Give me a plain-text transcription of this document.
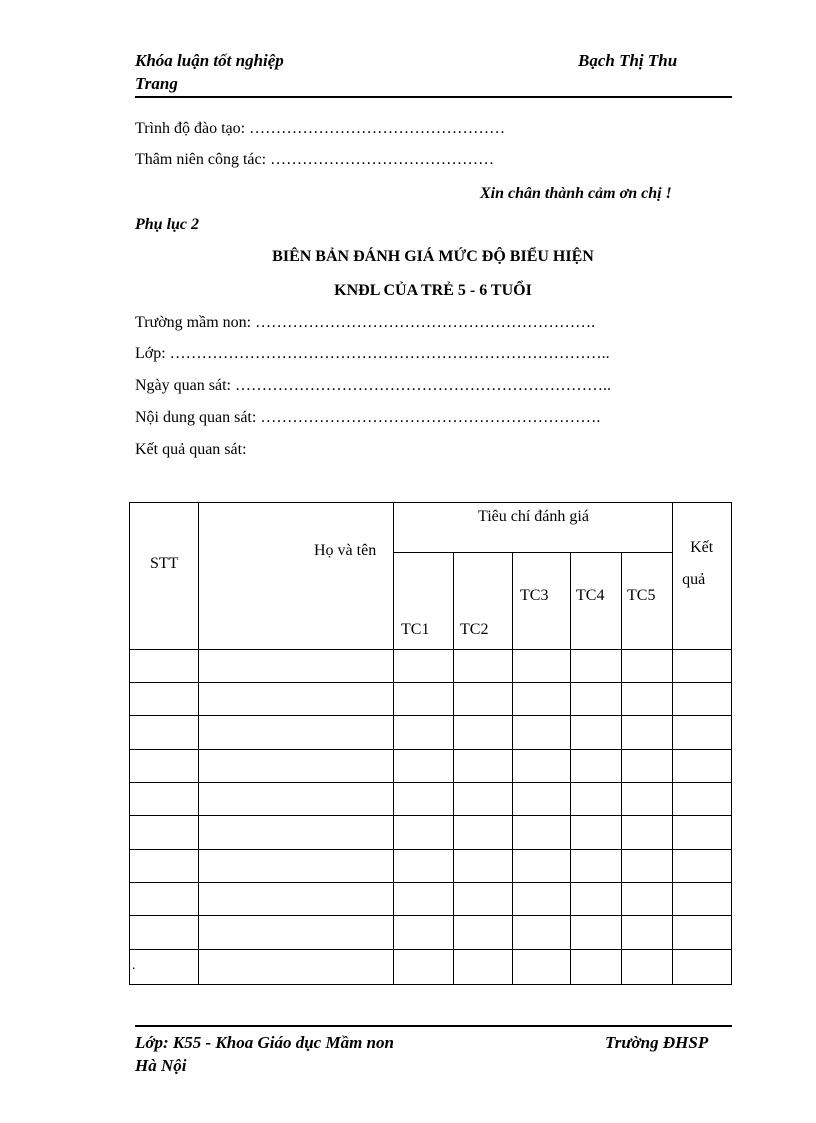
Khóa luận tốt nghiệp
Trang
Bạch Thị Thu
Trình độ đào tạo: …………………………………………
Thâm niên công tác: ……………………………………
Xin chân thành cảm ơn chị !
Phụ lục 2
BIÊN BẢN ĐÁNH GIÁ MỨC ĐỘ BIỂU HIỆN
KNĐL CỦA TRẺ 5 - 6 TUỔI
Trường mầm non: ……………………………………………………….
Lớp: ………………………………………………………………………..
Ngày quan sát: ……………………………………………………………..
Nội dung quan sát: ……………………………………………………….
Kết quả quan sát:
STT	Họ và tên	Tiêu chí đánh giá					Kết
quả

		TC1	TC2	TC3	TC4	TC5	

.							

Lớp: K55 - Khoa Giáo dục Mầm non
Hà Nội
Trường ĐHSP
